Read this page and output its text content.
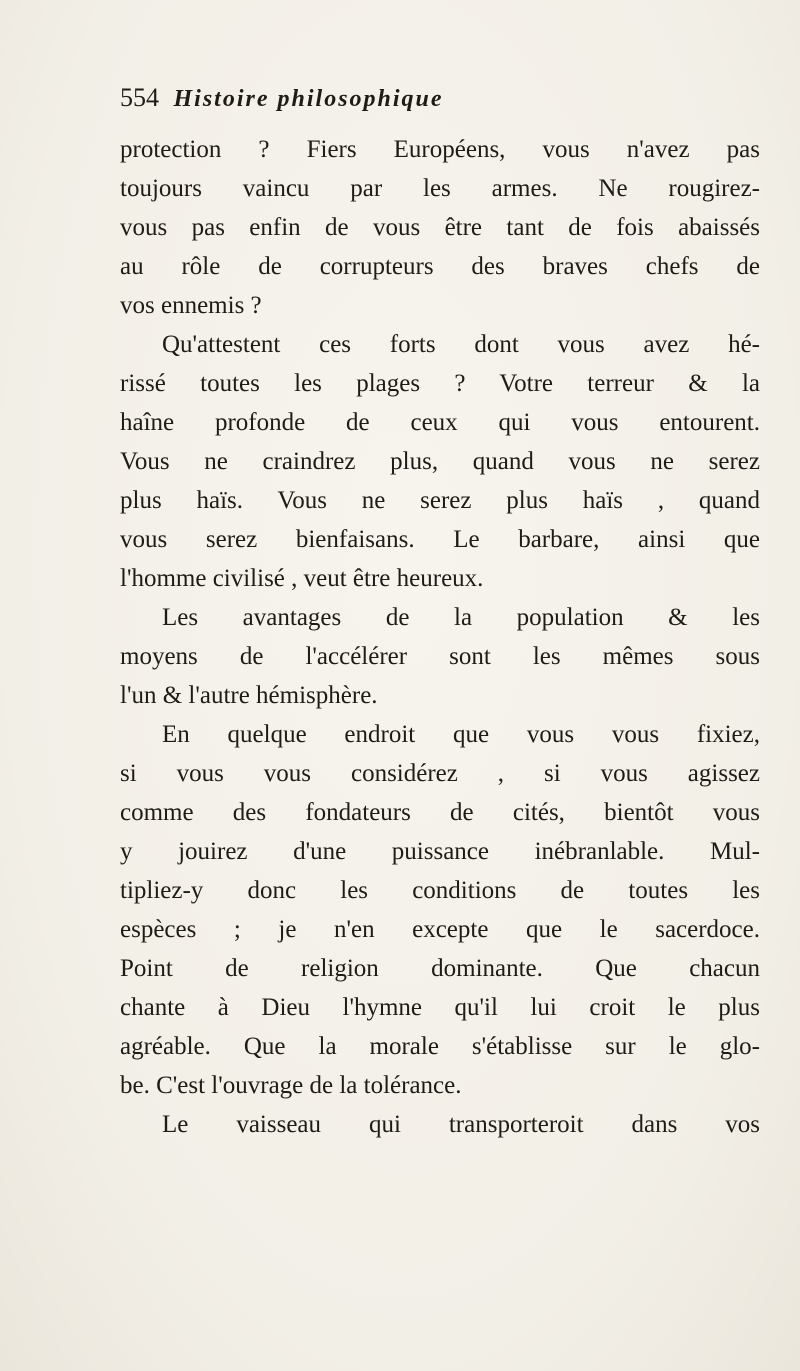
554 Histoire philosophique
protection ? Fiers Européens, vous n'avez pas
toujours vaincu par les armes. Ne rougirez-
vous pas enfin de vous être tant de fois abaissés
au rôle de corrupteurs des braves chefs de
vos ennemis ?
Qu'attestent ces forts dont vous avez hé-
rissé toutes les plages ? Votre terreur & la
haîne profonde de ceux qui vous entourent.
Vous ne craindrez plus, quand vous ne serez
plus haïs. Vous ne serez plus haïs , quand
vous serez bienfaisans. Le barbare, ainsi que
l'homme civilisé , veut être heureux.
Les avantages de la population & les
moyens de l'accélérer sont les mêmes sous
l'un & l'autre hémisphère.
En quelque endroit que vous vous fixiez,
si vous vous considérez , si vous agissez
comme des fondateurs de cités, bientôt vous
y jouirez d'une puissance inébranlable. Mul-
tipliez-y donc les conditions de toutes les
espèces ; je n'en excepte que le sacerdoce.
Point de religion dominante. Que chacun
chante à Dieu l'hymne qu'il lui croit le plus
agréable. Que la morale s'établisse sur le glo-
be. C'est l'ouvrage de la tolérance.
Le vaisseau qui transporteroit dans vos
